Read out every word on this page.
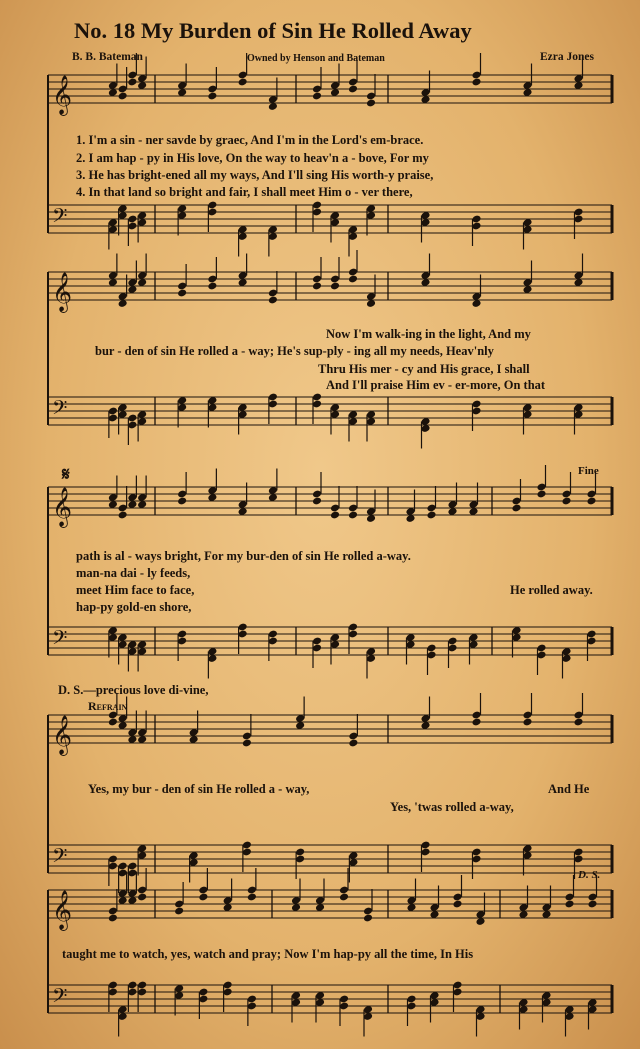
No. 18 My Burden of Sin He Rolled Away
B. B. Bateman	Owned by Henson and Bateman	Ezra Jones
𝄞
𝄢
𝄞
𝄢
𝄞
𝄢
𝄞
𝄢
𝄞
𝄢
𝄋
1. I'm a sin - ner savde by graec, And I'm in the Lord's em-brace.
2. I am hap - py in His love, On the way to heav'n a - bove, For my
3. He has bright-ened all my ways, And I'll sing His worth-y praise,
4. In that land so bright and fair, I shall meet Him o - ver there,
Now I'm walk-ing in the light, And my
bur - den of sin He rolled a - way; He's sup-ply - ing all my needs, Heav'nly
Thru His mer - cy and His grace, I shall
And I'll praise Him ev - er-more, On that
Fine
path is al - ways bright, For my bur-den of sin He rolled a-way.
man-na dai - ly feeds,
meet Him face to face,
hap-py gold-en shore,
He rolled away.
D. S.—precious love di-vine,
Refrain
Yes, my bur - den of sin He rolled a - way,	And He
Yes, 'twas rolled a-way,
D. S.
taught me to watch, yes, watch and pray; Now I'm hap-py all the time, In His
